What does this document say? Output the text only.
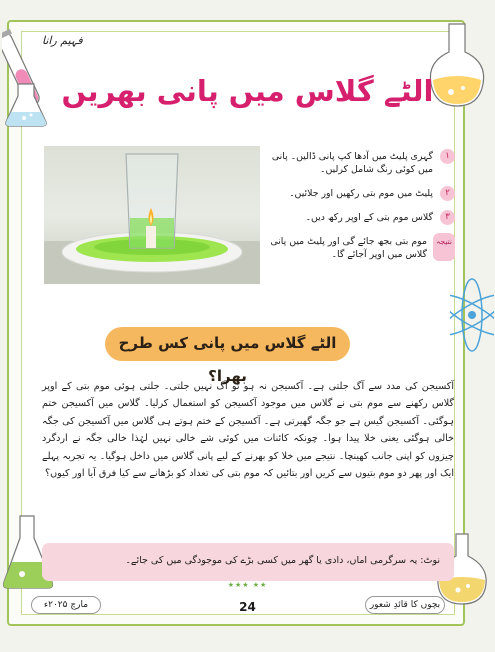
فہیم رانا
الٹے گلاس میں پانی بھریں
۱
گہری پلیٹ میں آدھا کپ پانی ڈالیں۔ پانی میں کوئی رنگ شامل کرلیں۔
۲
پلیٹ میں موم بتی رکھیں اور جلائیں۔
۳
گلاس موم بتی کے اوپر رکھ دیں۔
نتیجہ
موم بتی بجھ جائے گی اور پلیٹ میں پانی گلاس میں اوپر آجائے گا۔
الٹے گلاس میں پانی کس طرح بھرا؟
آکسیجن کی مدد سے آگ جلتی ہے۔ آکسیجن نہ ہو تو آگ نہیں جلتی۔ جلتی ہوئی موم بتی کے اوپر گلاس رکھنے سے موم بتی نے گلاس میں موجود آکسیجن کو استعمال کرلیا۔ گلاس میں آکسیجن ختم ہوگئی۔ آکسیجن گیس ہے جو جگہ گھیرتی ہے۔ آکسیجن کے ختم ہوتے ہی گلاس میں آکسیجن کی جگہ خالی ہوگئی یعنی خلا پیدا ہوا۔ چونکہ کائنات میں کوئی شے خالی نہیں لہٰذا خالی جگہ نے اردگرد چیزوں کو اپنی جانب کھینچا۔ نتیجے میں خلا کو بھرنے کے لیے پانی گلاس میں داخل ہوگیا۔ یہ تجربہ پہلے ایک اور پھر دو موم بتیوں سے کریں اور بتائیں کہ موم بتی کی تعداد کو بڑھانے سے کیا فرق آیا اور کیوں؟
نوٹ: یہ سرگرمی اماں، دادی یا گھر میں کسی بڑے کی موجودگی میں کی جائے۔
★★★ ★★
مارچ ۲۰۲۵ء	بچوں کا قائدِ شعور
24
